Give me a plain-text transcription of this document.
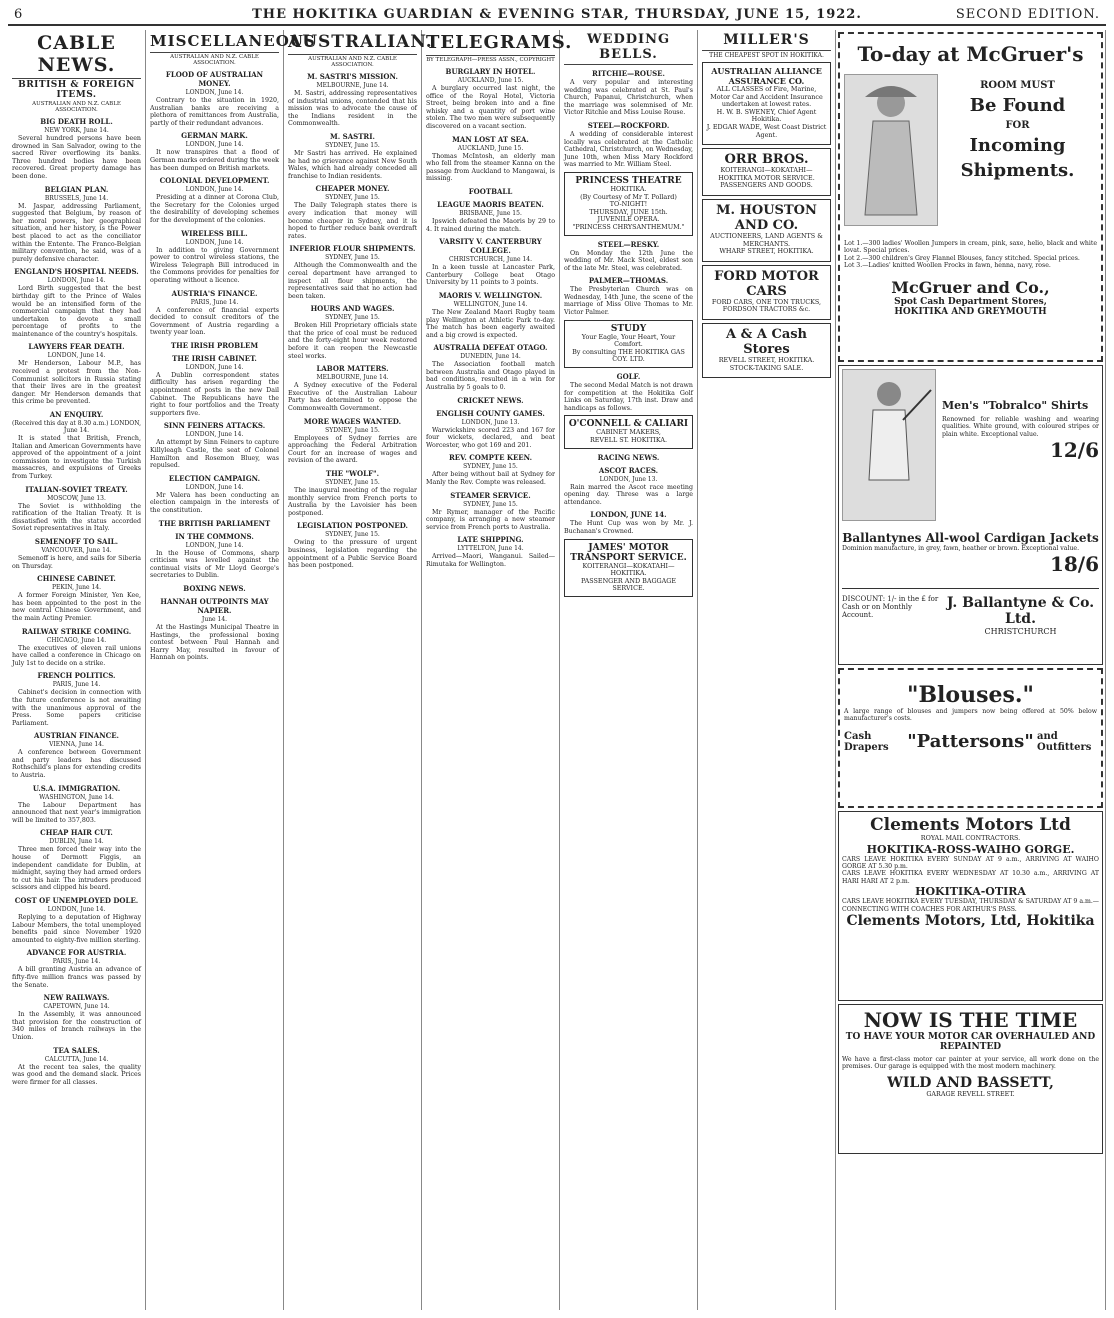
6	THE HOKITIKA GUARDIAN & EVENING STAR, THURSDAY, JUNE 15, 1922.	SECOND EDITION.
CABLE NEWS.
BRITISH & FOREIGN ITEMS.
AUSTRALIAN AND N.Z. CABLE ASSOCIATION.
BIG DEATH ROLL.
NEW YORK, June 14.

Several hundred persons have been drowned in San Salvador, owing to the sacred River overflowing its banks. Three hundred bodies have been recovered. Great property damage has been done.

BELGIAN PLAN.
BRUSSELS, June 14.

M. Jaspar, addressing Parliament, suggested that Belgium, by reason of her moral powers, her geographical situation, and her history, is the Power best placed to act as the conciliator within the Entente. The Franco-Belgian military convention, he said, was of a purely defensive character.

ENGLAND'S HOSPITAL NEEDS.
LONDON, June 14.

Lord Birth suggested that the best birthday gift to the Prince of Wales would be an intensified form of the commercial campaign that they had undertaken to devote a small percentage of profits to the maintenance of the country's hospitals.

LAWYERS FEAR DEATH.
LONDON, June 14.

Mr Henderson, Labour M.P., has received a protest from the Non-Communist solicitors in Russia stating that their lives are in the greatest danger. Mr Henderson demands that this crime be prevented.

AN ENQUIRY.
(Received this day at 8.30 a.m.) LONDON, June 14.

It is stated that British, French, Italian and American Governments have approved of the appointment of a joint commission to investigate the Turkish massacres, and expulsions of Greeks from Turkey.

ITALIAN-SOVIET TREATY.
MOSCOW, June 13.

The Soviet is withholding the ratification of the Italian Treaty. It is dissatisfied with the status accorded Soviet representatives in Italy.

SEMENOFF TO SAIL.
VANCOUVER, June 14.

Semenoff is here, and sails for Siberia on Thursday.

CHINESE CABINET.
PEKIN, June 14.

A former Foreign Minister, Yen Kee, has been appointed to the post in the new central Chinese Government, and the main Acting Premier.

RAILWAY STRIKE COMING.
CHICAGO, June 14.

The executives of eleven rail unions have called a conference in Chicago on July 1st to decide on a strike.

FRENCH POLITICS.
PARIS, June 14.

Cabinet's decision in connection with the future conference is not awaiting with the unanimous approval of the Press. Some papers criticise Parliament.

AUSTRIAN FINANCE.
VIENNA, June 14.

A conference between Government and party leaders has discussed Rothschild's plans for extending credits to Austria.

U.S.A. IMMIGRATION.
WASHINGTON, June 14.

The Labour Department has announced that next year's immigration will be limited to 357,803.

CHEAP HAIR CUT.
DUBLIN, June 14.

Three men forced their way into the house of Dermott Figgis, an independent candidate for Dublin, at midnight, saying they had armed orders to cut his hair. The intruders produced scissors and clipped his beard.

COST OF UNEMPLOYED DOLE.
LONDON, June 14.

Replying to a deputation of Highway Labour Members, the total unemployed benefits paid since November 1920 amounted to eighty-five million sterling.

ADVANCE FOR AUSTRIA.
PARIS, June 14.

A bill granting Austria an advance of fifty-five million francs was passed by the Senate.

NEW RAILWAYS.
CAPETOWN, June 14.

In the Assembly, it was announced that provision for the construction of 340 miles of branch railways in the Union.

TEA SALES.
CALCUTTA, June 14.

At the recent tea sales, the quality was good and the demand slack. Prices were firmer for all classes.

MISCELLANEOUS
AUSTRALIAN AND N.Z. CABLE ASSOCIATION.
FLOOD OF AUSTRALIAN MONEY.
LONDON, June 14.

Contrary to the situation in 1920, Australian banks are receiving a plethora of remittances from Australia, partly of their redundant advances.

GERMAN MARK.
LONDON, June 14.

It now transpires that a flood of German marks ordered during the week has been dumped on British markets.

COLONIAL DEVELOPMENT.
LONDON, June 14.

Presiding at a dinner at Corona Club, the Secretary for the Colonies urged the desirability of developing schemes for the development of the colonies.

WIRELESS BILL.
LONDON, June 14.

In addition to giving Government power to control wireless stations, the Wireless Telegraph Bill introduced in the Commons provides for penalties for operating without a licence.

AUSTRIA'S FINANCE.
PARIS, June 14.

A conference of financial experts decided to consult creditors of the Government of Austria regarding a twenty year loan.

THE IRISH PROBLEM
THE IRISH CABINET.
LONDON, June 14.

A Dublin correspondent states difficulty has arisen regarding the appointment of posts in the new Dail Cabinet. The Republicans have the right to four portfolios and the Treaty supporters five.

SINN FEINERS ATTACKS.
LONDON, June 14.

An attempt by Sinn Feiners to capture Killyleagh Castle, the seat of Colonel Hamilton and Rosemon Bluey, was repulsed.

ELECTION CAMPAIGN.
LONDON, June 14.

Mr Valera has been conducting an election campaign in the interests of the constitution.

THE BRITISH PARLIAMENT
IN THE COMMONS.
LONDON, June 14.

In the House of Commons, sharp criticism was levelled against the continual visits of Mr Lloyd George's secretaries to Dublin.

BOXING NEWS.
HANNAH OUTPOINTS MAY NAPIER.
June 14.

At the Hastings Municipal Theatre in Hastings, the professional boxing contest between Paul Hannah and Harry May, resulted in favour of Hannah on points.

AUSTRALIAN.
AUSTRALIAN AND N.Z. CABLE ASSOCIATION.
M. SASTRI'S MISSION.
MELBOURNE, June 14.

M. Sastri, addressing representatives of industrial unions, contended that his mission was to advocate the cause of the Indians resident in the Commonwealth.

M. SASTRI.
SYDNEY, June 15.

Mr Sastri has arrived. He explained he had no grievance against New South Wales, which had already conceded all franchise to Indian residents.

CHEAPER MONEY.
SYDNEY, June 15.

The Daily Telegraph states there is every indication that money will become cheaper in Sydney, and it is hoped to further reduce bank overdraft rates.

INFERIOR FLOUR SHIPMENTS.
SYDNEY, June 15.

Although the Commonwealth and the cereal department have arranged to inspect all flour shipments, the representatives said that no action had been taken.

HOURS AND WAGES.
SYDNEY, June 15.

Broken Hill Proprietary officials state that the price of coal must be reduced and the forty-eight hour week restored before it can reopen the Newcastle steel works.

LABOR MATTERS.
MELBOURNE, June 14.

A Sydney executive of the Federal Executive of the Australian Labour Party has determined to oppose the Commonwealth Government.

MORE WAGES WANTED.
SYDNEY, June 15.

Employees of Sydney ferries are approaching the Federal Arbitration Court for an increase of wages and revision of the award.

THE "WOLF".
SYDNEY, June 15.

The inaugural meeting of the regular monthly service from French ports to Australia by the Lavoisier has been postponed.

LEGISLATION POSTPONED.
SYDNEY, June 15.

Owing to the pressure of urgent business, legislation regarding the appointment of a Public Service Board has been postponed.

TELEGRAMS.
BY TELEGRAPH—PRESS ASSN., COPYRIGHT
BURGLARY IN HOTEL.
AUCKLAND, June 15.

A burglary occurred last night, the office of the Royal Hotel, Victoria Street, being broken into and a fine whisky and a quantity of port wine stolen. The two men were subsequently discovered on a vacant section.

MAN LOST AT SEA.
AUCKLAND, June 15.

Thomas McIntosh, an elderly man who fell from the steamer Kanna on the passage from Auckland to Mangawai, is missing.

FOOTBALL
LEAGUE MAORIS BEATEN.
BRISBANE, June 15.

Ipswich defeated the Maoris by 29 to 4. It rained during the match.

VARSITY V. CANTERBURY COLLEGE.
CHRISTCHURCH, June 14.

In a keen tussle at Lancaster Park, Canterbury College beat Otago University by 11 points to 3 points.

MAORIS V. WELLINGTON.
WELLINGTON, June 14.

The New Zealand Maori Rugby team play Wellington at Athletic Park to-day. The match has been eagerly awaited and a big crowd is expected.

AUSTRALIA DEFEAT OTAGO.
DUNEDIN, June 14.

The Association football match between Australia and Otago played in bad conditions, resulted in a win for Australia by 5 goals to 0.

CRICKET NEWS.
ENGLISH COUNTY GAMES.
LONDON, June 13.

Warwickshire scored 223 and 167 for four wickets, declared, and beat Worcester, who got 169 and 201.

REV. COMPTE KEEN.
SYDNEY, June 15.

After being without bail at Sydney for Manly the Rev. Compte was released.

STEAMER SERVICE.
SYDNEY, June 15.

Mr Rymer, manager of the Pacific company, is arranging a new steamer service from French ports to Australia.

LATE SHIPPING.
LYTTELTON, June 14.

Arrived—Maori, Wanganui. Sailed—Rimutaka for Wellington.

WEDDING BELLS.
RITCHIE—ROUSE.

A very popular and interesting wedding was celebrated at St. Paul's Church, Papanui, Christchurch, when the marriage was solemnised of Mr. Victor Ritchie and Miss Louise Rouse.

STEEL—ROCKFORD.

A wedding of considerable interest locally was celebrated at the Catholic Cathedral, Christchurch, on Wednesday, June 10th, when Miss Mary Rockford was married to Mr. William Steel.

PRINCESS THEATRE

HOKITIKA.

(By Courtesy of Mr T. Pollard)

TO-NIGHT!

THURSDAY, JUNE 15th.

JUVENILE OPERA.

"PRINCESS CHRYSANTHEMUM."

STEEL—RESKY.

On Monday the 12th June the wedding of Mr. Mack Steel, eldest son of the late Mr. Steel, was celebrated.

PALMER—THOMAS.

The Presbyterian Church was on Wednesday, 14th June, the scene of the marriage of Miss Olive Thomas to Mr. Victor Palmer.

STUDY

Your Eagle, Your Heart, Your Comfort.

By consulting THE HOKITIKA GAS COY. LTD.

GOLF.

The second Medal Match is not drawn for competition at the Hokitika Golf Links on Saturday, 17th inst. Draw and handicaps as follows.

O'CONNELL & CALIARI

CABINET MAKERS,

REVELL ST. HOKITIKA.

RACING NEWS.
ASCOT RACES.
LONDON, June 13.

Rain marred the Ascot race meeting opening day. Threse was a large attendance.

LONDON, JUNE 14.

The Hunt Cup was won by Mr. J. Buchanan's Crowned.

JAMES' MOTOR TRANSPORT SERVICE.

KOITERANGI—KOKATAHI—HOKITIKA.

PASSENGER AND BAGGAGE SERVICE.

MILLER'S
THE CHEAPEST SPOT IN HOKITIKA.
AUSTRALIAN ALLIANCE ASSURANCE CO.

ALL CLASSES of Fire, Marine, Motor Car and Accident Insurance undertaken at lowest rates.

H. W. B. SWENEY, Chief Agent Hokitika.

J. EDGAR WADE, West Coast District Agent.

ORR BROS.

KOITERANGI—KOKATAHI—HOKITIKA MOTOR SERVICE.

PASSENGERS AND GOODS.

M. HOUSTON AND CO.

AUCTIONEERS, LAND AGENTS & MERCHANTS.

WHARF STREET, HOKITIKA.

FORD MOTOR CARS

FORD CARS, ONE TON TRUCKS, FORDSON TRACTORS &c.

A & A Cash Stores

REVELL STREET, HOKITIKA.

STOCK-TAKING SALE.

To-day at McGruer's
ROOM MUST
Be Found
FOR
Incoming
Shipments.

Lot 1.—300 ladies' Woollen Jumpers in cream, pink, saxe, helio, black and white lovat. Special prices.

Lot 2.—300 children's Grey Flannel Blouses, fancy stitched. Special prices.

Lot 3.—Ladies' knitted Woollen Frocks in fawn, henna, navy, rose.

McGruer and Co.,
Spot Cash Department Stores,
HOKITIKA AND GREYMOUTH
Men's "Tobralco" Shirts

Renowned for reliable washing and wearing qualities. White ground, with coloured stripes or plain white. Exceptional value.

12/6
Ballantynes All-wool Cardigan Jackets

Dominion manufacture, in grey, fawn, heather or brown. Exceptional value.

18/6
DISCOUNT: 1/- in the £ for Cash or on Monthly Account.
J. Ballantyne & Co. Ltd.
CHRISTCHURCH
"Blouses."

A large range of blouses and jumpers now being offered at 50% below manufacturer's costs.

Cash Drapers	"Pattersons" and Outfitters
Clements Motors Ltd
ROYAL MAIL CONTRACTORS.
HOKITIKA-ROSS-WAIHO GORGE.

CARS LEAVE HOKITIKA EVERY SUNDAY AT 9 a.m., ARRIVING AT WAIHO GORGE AT 5.30 p.m.

CARS LEAVE HOKITIKA EVERY WEDNESDAY AT 10.30 a.m., ARRIVING AT HARI HARI AT 2 p.m.

HOKITIKA-OTIRA

CARS LEAVE HOKITIKA EVERY TUESDAY, THURSDAY & SATURDAY AT 9 a.m.—CONNECTING WITH COACHES FOR ARTHUR'S PASS.

Clements Motors, Ltd, Hokitika
NOW IS THE TIME
TO HAVE YOUR MOTOR CAR OVERHAULED AND REPAINTED

We have a first-class motor car painter at your service, all work done on the premises. Our garage is equipped with the most modern machinery.

WILD AND BASSETT,
GARAGE REVELL STREET.
